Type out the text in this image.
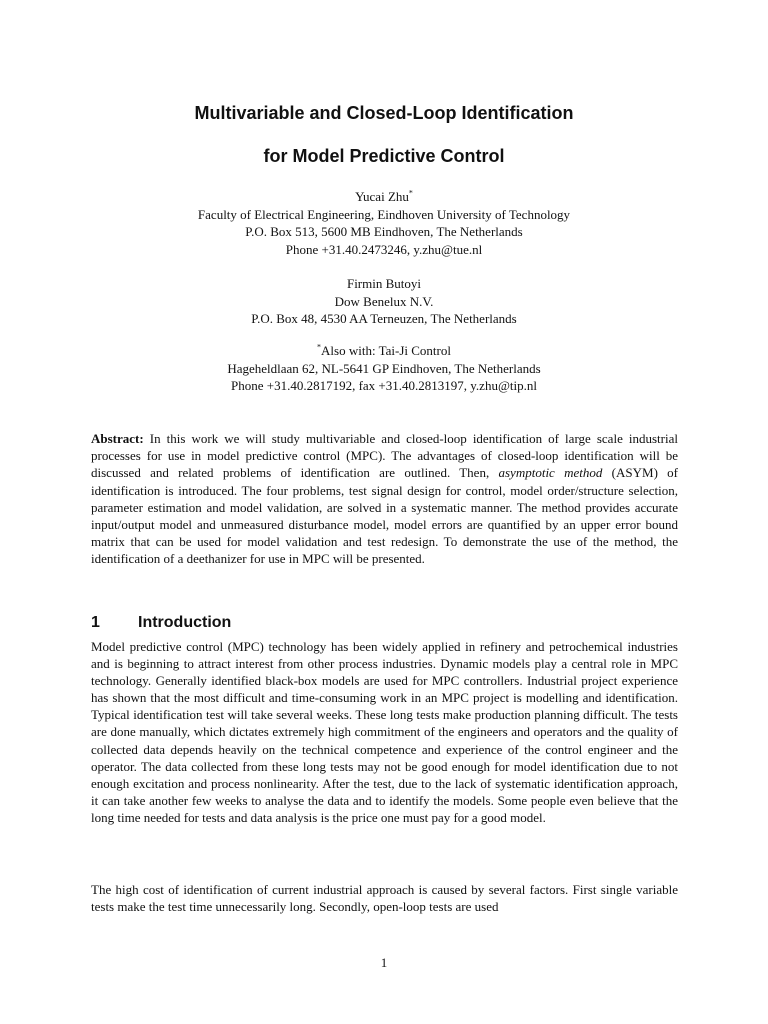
Multivariable and Closed-Loop Identification
for Model Predictive Control
Yucai Zhu*
Faculty of Electrical Engineering, Eindhoven University of Technology
P.O. Box 513, 5600 MB Eindhoven, The Netherlands
Phone +31.40.2473246, y.zhu@tue.nl
Firmin Butoyi
Dow Benelux N.V.
P.O. Box 48, 4530 AA Terneuzen, The Netherlands
*Also with: Tai-Ji Control
Hageheldlaan 62, NL-5641 GP Eindhoven, The Netherlands
Phone +31.40.2817192, fax +31.40.2813197, y.zhu@tip.nl

Abstract: In this work we will study multivariable and closed-loop identification of large scale industrial processes for use in model predictive control (MPC). The advantages of closed-loop identification will be discussed and related problems of identification are outlined. Then, asymptotic method (ASYM) of identification is introduced. The four problems, test signal design for control, model order/structure selection, parameter estimation and model validation, are solved in a systematic manner. The method provides accurate input/output model and unmeasured disturbance model, model errors are quantified by an upper error bound matrix that can be used for model validation and test redesign. To demonstrate the use of the method, the identification of a deethanizer for use in MPC will be presented.

1 Introduction

Model predictive control (MPC) technology has been widely applied in refinery and petrochemical industries and is beginning to attract interest from other process industries. Dynamic models play a central role in MPC technology. Generally identified black-box models are used for MPC controllers. Industrial project experience has shown that the most difficult and time-consuming work in an MPC project is modelling and identification. Typical identification test will take several weeks. These long tests make production planning difficult. The tests are done manually, which dictates extremely high commitment of the engineers and operators and the quality of collected data depends heavily on the technical competence and experience of the control engineer and the operator. The data collected from these long tests may not be good enough for model identification due to not enough excitation and process nonlinearity. After the test, due to the lack of systematic identification approach, it can take another few weeks to analyse the data and to identify the models. Some people even believe that the long time needed for tests and data analysis is the price one must pay for a good model.

The high cost of identification of current industrial approach is caused by several factors. First single variable tests make the test time unnecessarily long. Secondly, open-loop tests are used

1
